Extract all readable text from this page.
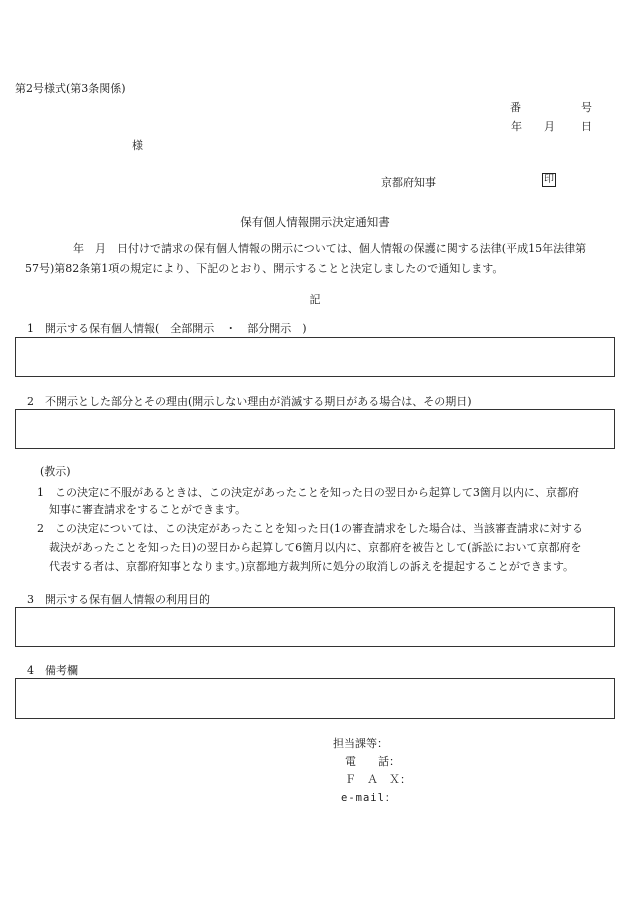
第2号様式(第3条関係)
番	号
年 月 日
様
京都府知事	印
保有個人情報開示決定通知書
年　月　日付けで請求の保有個人情報の開示については、個人情報の保護に関する法律(平成15年法律第
57号)第82条第1項の規定により、下記のとおり、開示することと決定しましたので通知します。
記
1　開示する保有個人情報(　全部開示　・　部分開示　)
2　不開示とした部分とその理由(開示しない理由が消滅する期日がある場合は、その期日)
(教示)
1　この決定に不服があるときは、この決定があったことを知った日の翌日から起算して3箇月以内に、京都府
知事に審査請求をすることができます。
2　この決定については、この決定があったことを知った日(1の審査請求をした場合は、当該審査請求に対する
裁決があったことを知った日)の翌日から起算して6箇月以内に、京都府を被告として(訴訟において京都府を
代表する者は、京都府知事となります。)京都地方裁判所に処分の取消しの訴えを提起することができます。
3　開示する保有個人情報の利用目的
4　備考欄
担当課等：
電　　話：
Ｆ　Ａ　Ｘ：
e-mail：
